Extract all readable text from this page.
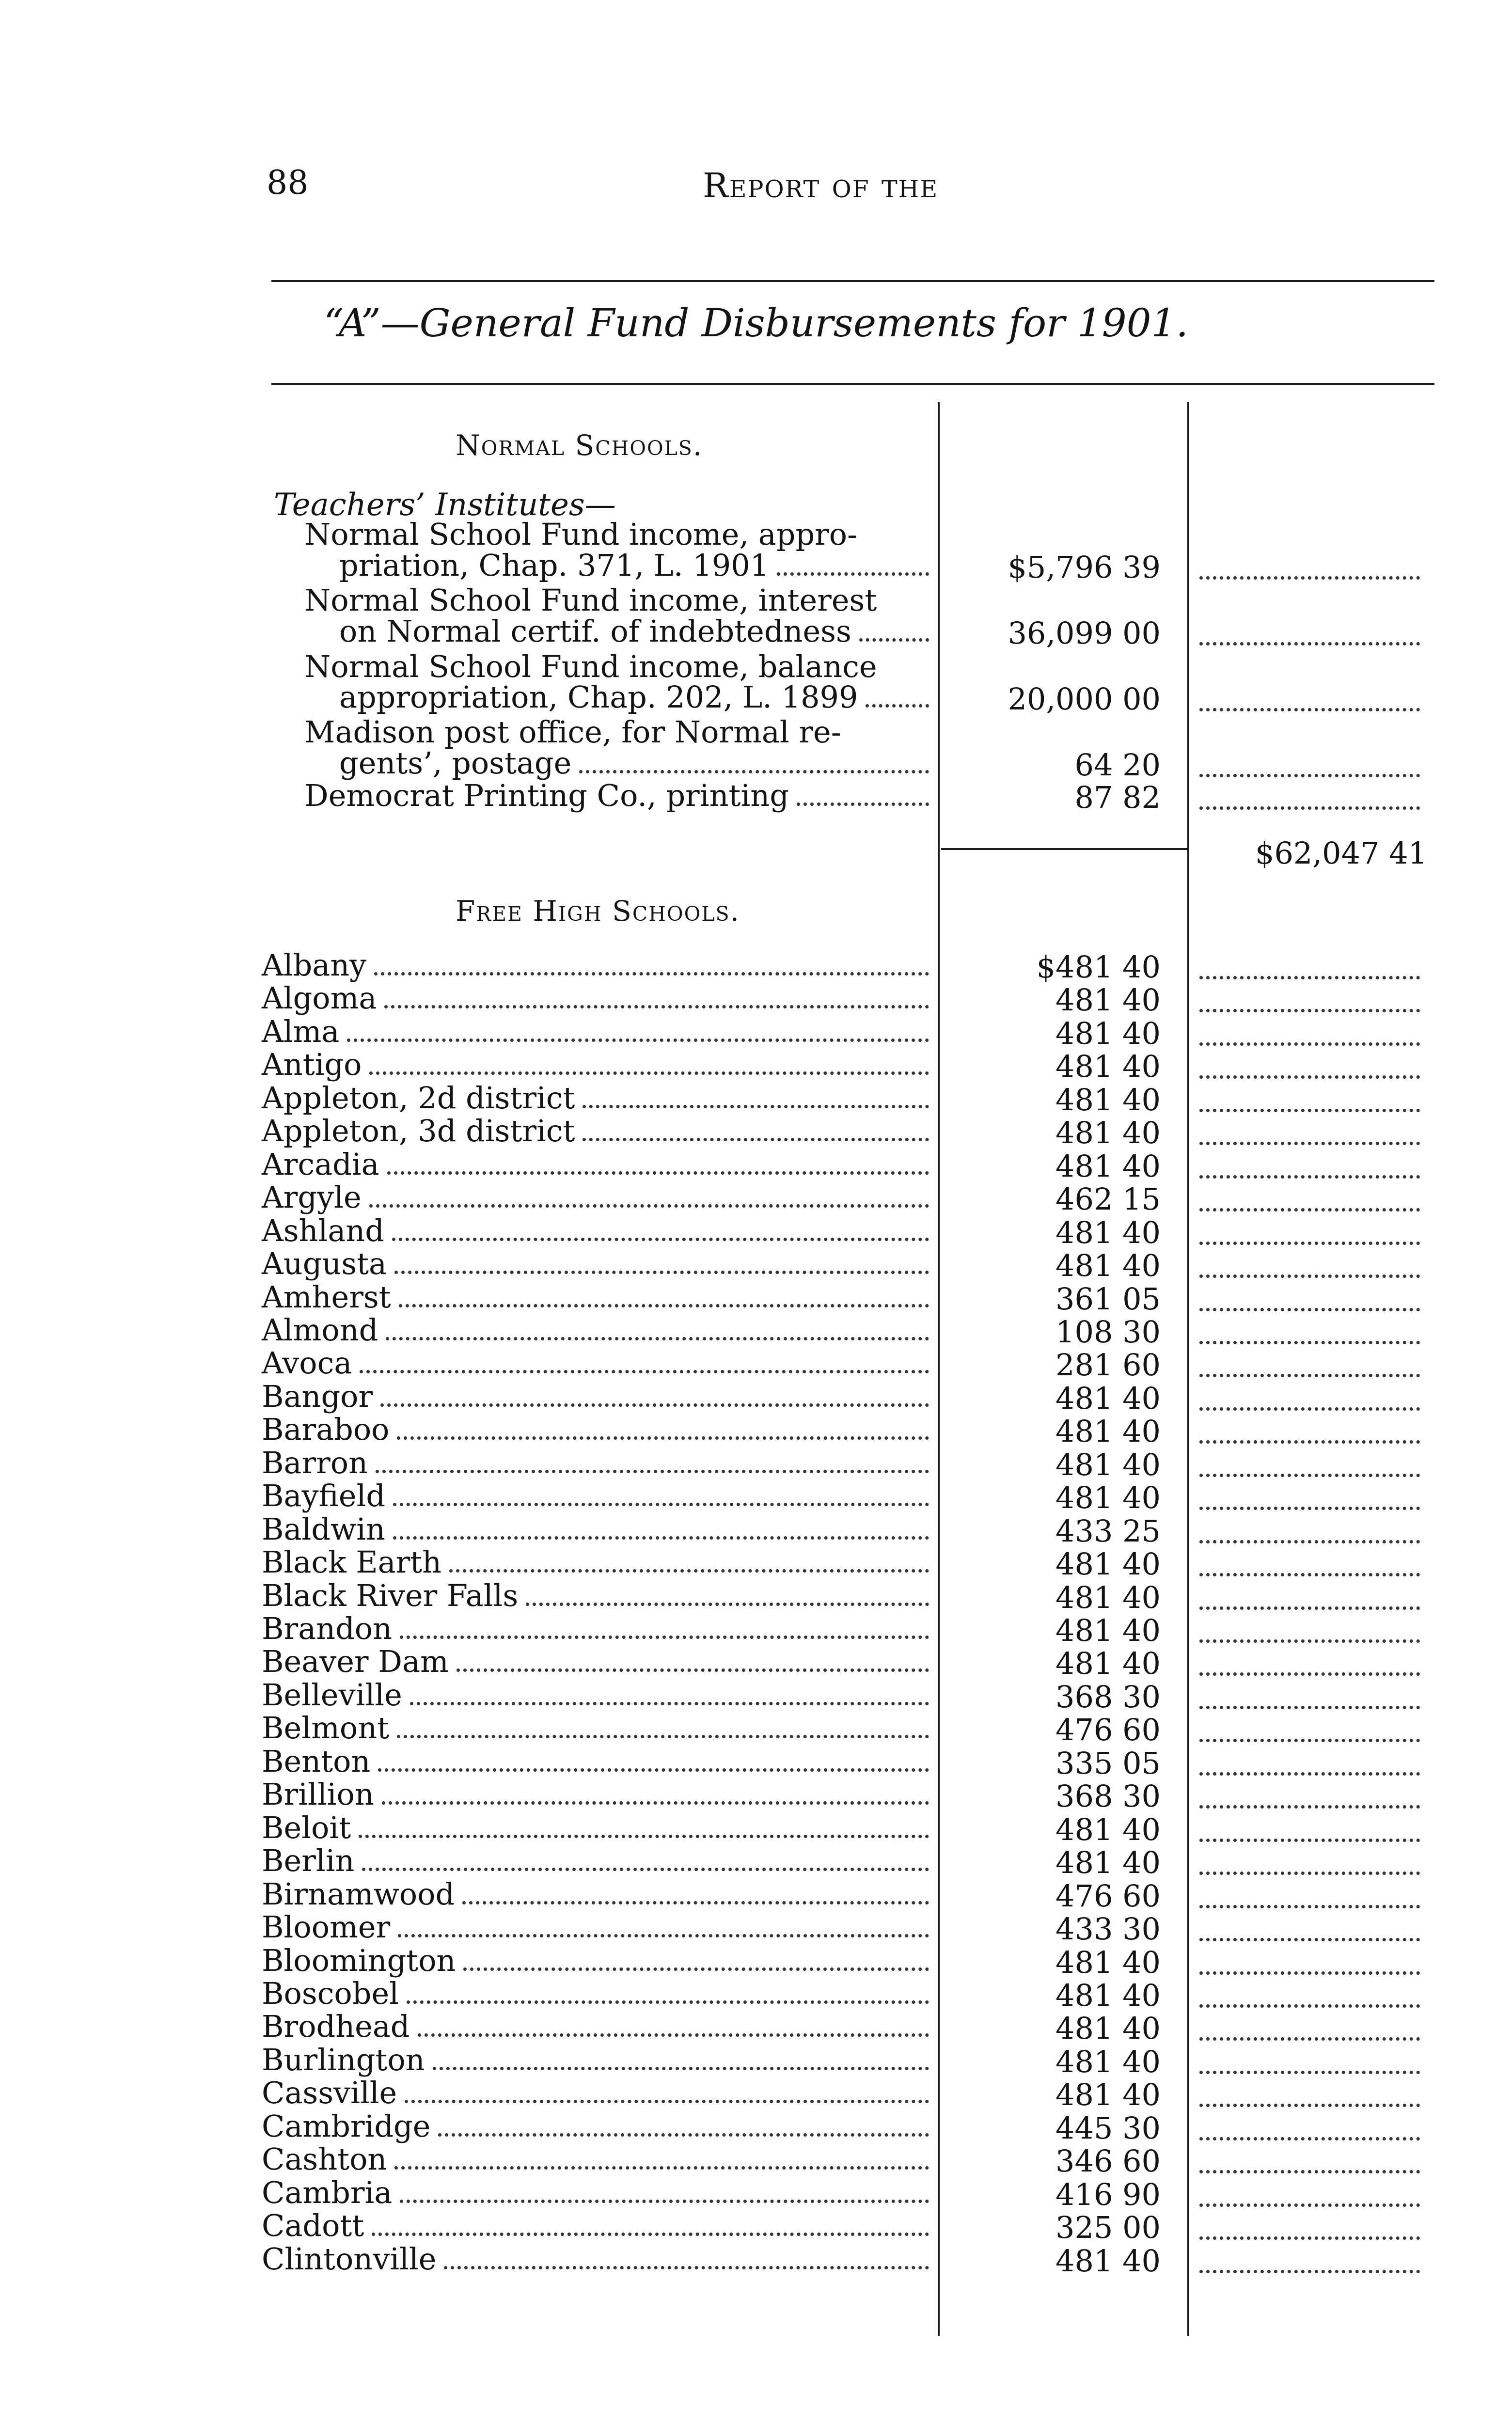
88	Report of the
“A”—General Fund Disbursements for 1901.
Normal Schools.
Teachers’ Institutes—
Normal School Fund income, appro-
priation, Chap. 371, L. 1901	$5,796 39
Normal School Fund income, interest
on Normal certif. of indebtedness	36,099 00
Normal School Fund income, balance
appropriation, Chap. 202, L. 1899	20,000 00
Madison post office, for Normal re-
gents’, postage	64 20
Democrat Printing Co., printing	87 82
$62,047 41
Free High Schools.
Albany	$481 40
Algoma	481 40
Alma	481 40
Antigo	481 40
Appleton, 2d district	481 40
Appleton, 3d district	481 40
Arcadia	481 40
Argyle	462 15
Ashland	481 40
Augusta	481 40
Amherst	361 05
Almond	108 30
Avoca	281 60
Bangor	481 40
Baraboo	481 40
Barron	481 40
Bayfield	481 40
Baldwin	433 25
Black Earth	481 40
Black River Falls	481 40
Brandon	481 40
Beaver Dam	481 40
Belleville	368 30
Belmont	476 60
Benton	335 05
Brillion	368 30
Beloit	481 40
Berlin	481 40
Birnamwood	476 60
Bloomer	433 30
Bloomington	481 40
Boscobel	481 40
Brodhead	481 40
Burlington	481 40
Cassville	481 40
Cambridge	445 30
Cashton	346 60
Cambria	416 90
Cadott	325 00
Clintonville	481 40
